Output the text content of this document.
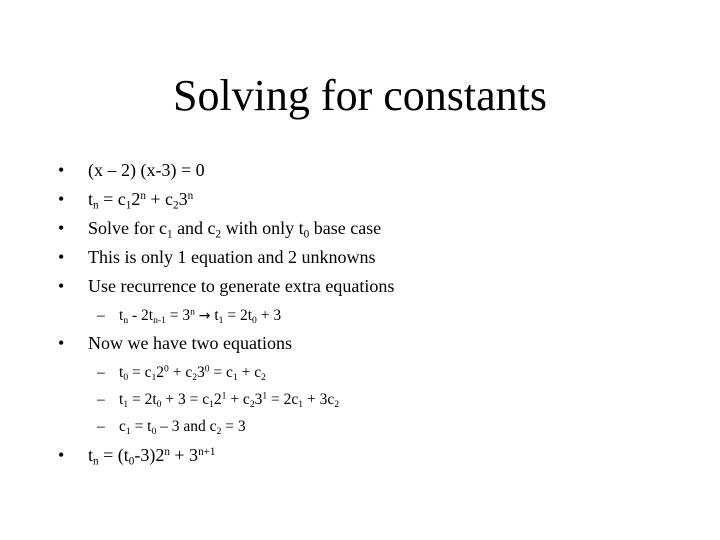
Solving for constants
• (x – 2) (x-3) = 0
• $t_n = c_12^n + c_23^n$
• Solve for $c_1$ and $c_2$ with only $t_0$ base case
• This is only 1 equation and 2 unknowns
• Use recurrence to generate extra equations
– $t_n - 2t_{n-1} = 3^n \to t_1 = 2t_0 + 3$
• Now we have two equations
– $t_0 = c_12^0 + c_23^0 = c_1 + c_2$
– $t_1 = 2t_0 + 3 = c_12^1 + c_23^1 = 2c_1 + 3c_2$
– $c_1 = t_0 - 3$ and $c_2 = 3$
• $t_n = (t_0-3)2^n + 3^{n+1}$
